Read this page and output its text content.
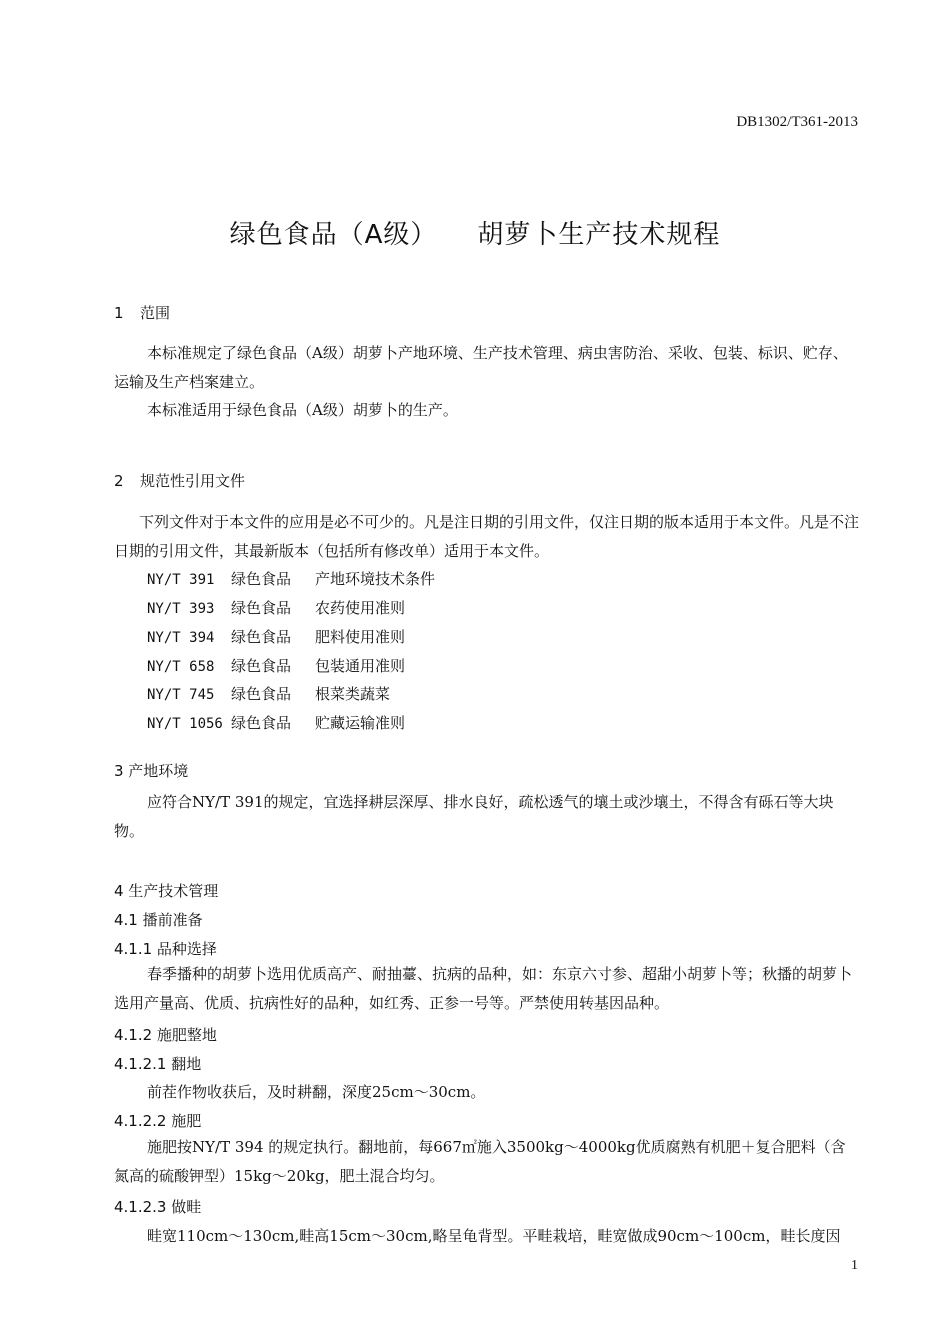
DB1302/T361-2013
绿色食品（A级） 胡萝卜生产技术规程
1 范围
本标准规定了绿色食品（A级）胡萝卜产地环境、生产技术管理、病虫害防治、采收、包装、标识、贮存、运输及生产档案建立。
本标准适用于绿色食品（A级）胡萝卜的生产。
2 规范性引用文件
下列文件对于本文件的应用是必不可少的。凡是注日期的引用文件，仅注日期的版本适用于本文件。凡是不注日期的引用文件，其最新版本（包括所有修改单）适用于本文件。
NY/T 391 绿色食品 产地环境技术条件
NY/T 393 绿色食品 农药使用准则
NY/T 394 绿色食品 肥料使用准则
NY/T 658 绿色食品 包装通用准则
NY/T 745 绿色食品 根菜类蔬菜
NY/T 1056 绿色食品 贮藏运输准则
3 产地环境
应符合NY/T 391的规定，宜选择耕层深厚、排水良好，疏松透气的壤土或沙壤土，不得含有砾石等大块物。
4 生产技术管理
4.1 播前准备
4.1.1 品种选择
春季播种的胡萝卜选用优质高产、耐抽薹、抗病的品种，如：东京六寸参、超甜小胡萝卜等；秋播的胡萝卜选用产量高、优质、抗病性好的品种，如红秀、正参一号等。严禁使用转基因品种。
4.1.2 施肥整地
4.1.2.1 翻地
前茬作物收获后，及时耕翻，深度25cm～30cm。
4.1.2.2 施肥
施肥按NY/T 394 的规定执行。翻地前，每667㎡施入3500kg～4000kg优质腐熟有机肥＋复合肥料（含氮高的硫酸钾型）15kg～20kg，肥土混合均匀。
4.1.2.3 做畦
畦宽110cm～130cm,畦高15cm～30cm,略呈龟背型。平畦栽培，畦宽做成90cm～100cm，畦长度因
1
